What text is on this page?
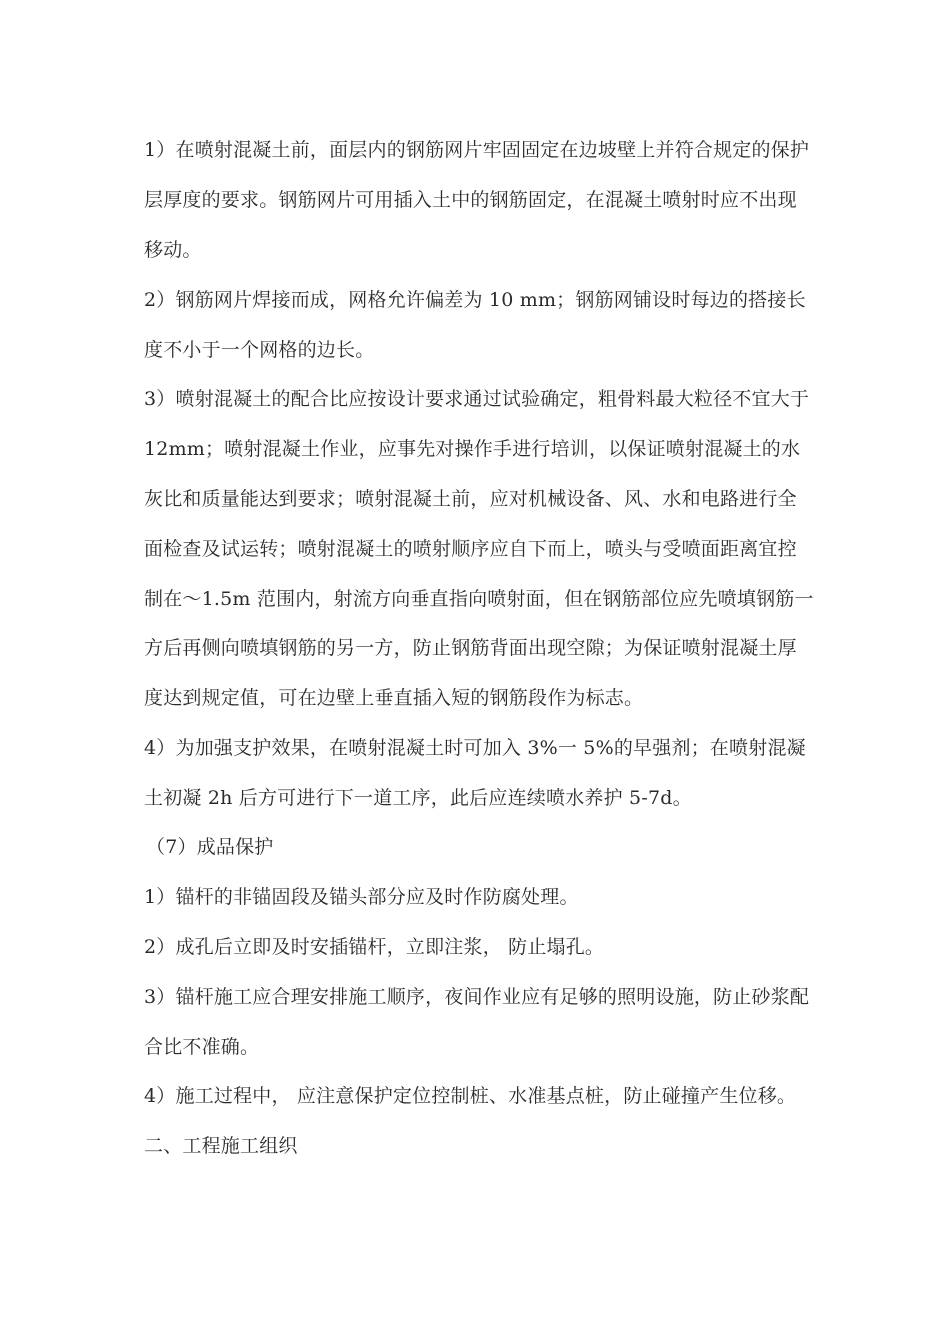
1）在喷射混凝土前，面层内的钢筋网片牢固固定在边坡壁上并符合规定的保护
层厚度的要求。钢筋网片可用插入土中的钢筋固定，在混凝土喷射时应不出现
移动。
2）钢筋网片焊接而成，网格允许偏差为 10 mm；钢筋网铺设时每边的搭接长
度不小于一个网格的边长。
3）喷射混凝土的配合比应按设计要求通过试验确定，粗骨料最大粒径不宜大于
12mm；喷射混凝土作业，应事先对操作手进行培训，以保证喷射混凝土的水
灰比和质量能达到要求；喷射混凝土前，应对机械设备、风、水和电路进行全
面检查及试运转；喷射混凝土的喷射顺序应自下而上，喷头与受喷面距离宜控
制在～1.5m 范围内，射流方向垂直指向喷射面，但在钢筋部位应先喷填钢筋一
方后再侧向喷填钢筋的另一方，防止钢筋背面出现空隙；为保证喷射混凝土厚
度达到规定值，可在边壁上垂直插入短的钢筋段作为标志。
4）为加强支护效果，在喷射混凝土时可加入 3%一 5%的早强剂；在喷射混凝
土初凝 2h 后方可进行下一道工序，此后应连续喷水养护 5-7d。
（7）成品保护
1）锚杆的非锚固段及锚头部分应及时作防腐处理。
2）成孔后立即及时安插锚杆，立即注浆， 防止塌孔。
3）锚杆施工应合理安排施工顺序，夜间作业应有足够的照明设施，防止砂浆配
合比不准确。
4）施工过程中， 应注意保护定位控制桩、水准基点桩，防止碰撞产生位移。
二、工程施工组织
